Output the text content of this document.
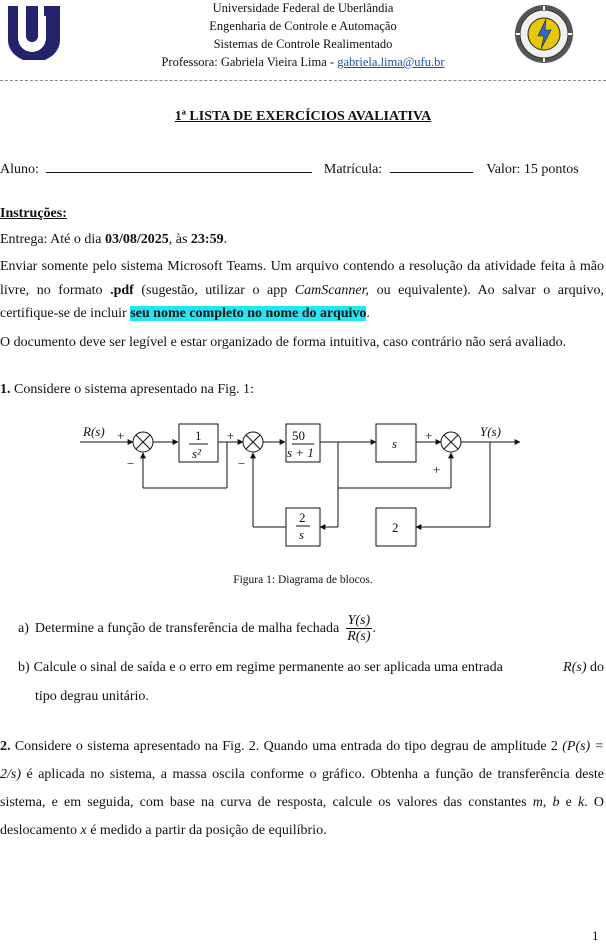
Universidade Federal de Uberlândia
Engenharia de Controle e Automação
Sistemas de Controle Realimentado
Professora: Gabriela Vieira Lima - gabriela.lima@ufu.br
1ª LISTA DE EXERCÍCIOS AVALIATIVA
Aluno:	Matrícula:	Valor: 15 pontos
Instruções:
Entrega: Até o dia 03/08/2025, às 23:59.
Enviar somente pelo sistema Microsoft Teams. Um arquivo contendo a resolução da atividade feita à mão livre, no formato .pdf (sugestão, utilizar o app CamScanner, ou equivalente). Ao salvar o arquivo, certifique-se de incluir seu nome completo no nome do arquivo.
O documento deve ser legível e estar organizado de forma intuitiva, caso contrário não será avaliado.
1. Considere o sistema apresentado na Fig. 1:
R(s)	Y(s)
s²	s + 1
s
s
1	50
2
2
+
−
+
−
+
+
Figura 1: Diagrama de blocos.
a) Determine a função de transferência de malha fechada $\frac{Y(s)}{R(s)}$ .
b) Calcule o sinal de saída e o erro em regime permanente ao ser aplicada uma entrada	R(s) do
tipo degrau unitário.
2. Considere o sistema apresentado na Fig. 2. Quando uma entrada do tipo degrau de amplitude 2 (P(s) = 2/s) é aplicada no sistema, a massa oscila conforme o gráfico. Obtenha a função de transferência deste sistema, e em seguida, com base na curva de resposta, calcule os valores das constantes m, b e k. O deslocamento x é medido a partir da posição de equilíbrio.
1
